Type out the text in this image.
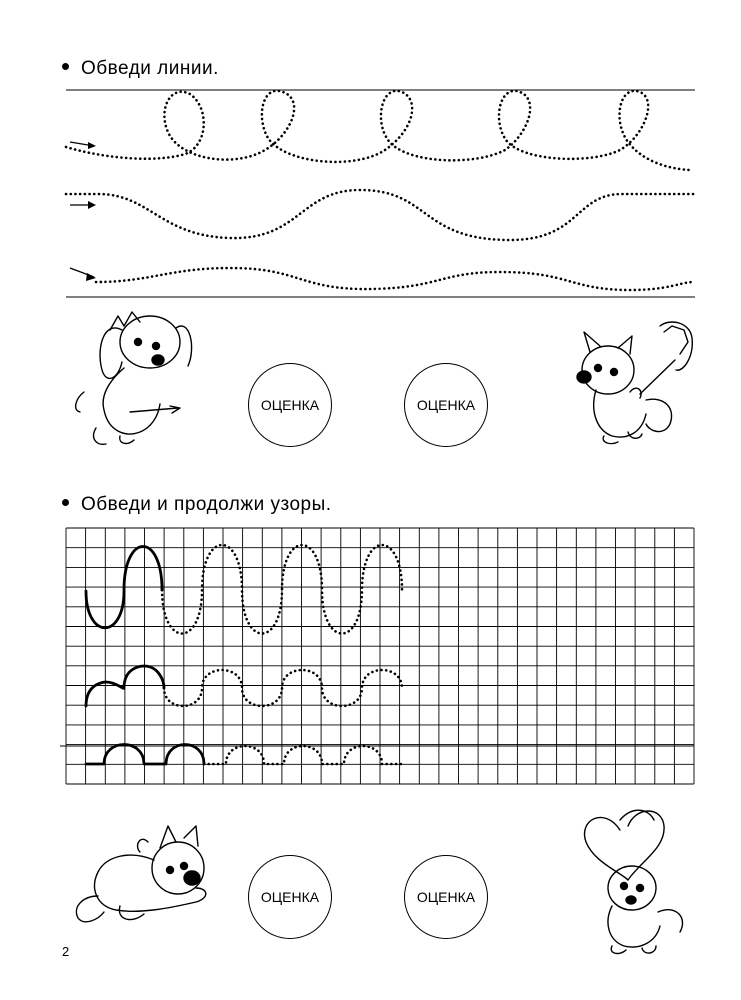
Обведи линии.
ОЦЕНКА	ОЦЕНКА
Обведи и продолжи узоры.
ОЦЕНКА	ОЦЕНКА
2
